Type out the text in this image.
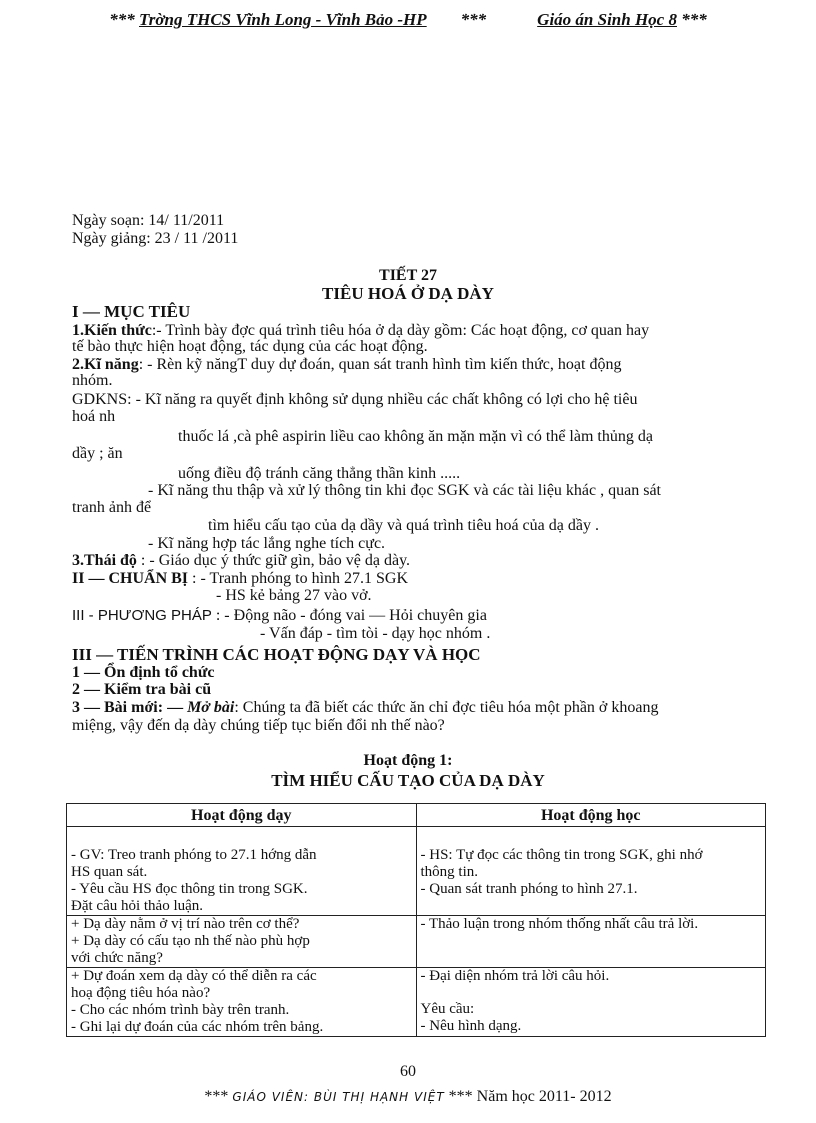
*** Trờng THCS Vĩnh Long - Vĩnh Bảo -HP ***	Giáo án Sinh Học 8 ***
Ngày soạn: 14/ 11/2011
Ngày giảng: 23 / 11 /2011
TIẾT 27
TIÊU HOÁ Ở DẠ DÀY
I — MỤC TIÊU
1.Kiến thức:- Trình bày đợc quá trình tiêu hóa ở dạ dày gồm: Các hoạt động, cơ quan hay
tế bào thực hiện hoạt động, tác dụng của các hoạt động.
2.Kĩ năng: - Rèn kỹ năngT duy dự đoán, quan sát tranh hình tìm kiến thức, hoạt động
nhóm.
GDKNS: - Kĩ năng ra quyết định không sử dụng nhiều các chất không có lợi cho hệ tiêu
hoá nh
thuốc lá ,cà phê aspirin liều cao không ăn mặn mặn vì có thể làm thủng dạ
dầy ; ăn
uống điều độ tránh căng thẳng thần kinh .....
- Kĩ năng thu thập và xử lý thông tin khi đọc SGK và các tài liệu khác , quan sát
tranh ảnh để
tìm hiểu cấu tạo của dạ dầy và quá trình tiêu hoá của dạ dầy .
- Kĩ năng hợp tác lắng nghe tích cực.
3.Thái độ : - Giáo dục ý thức giữ gìn, bảo vệ dạ dày.
II — CHUẨN BỊ : - Tranh phóng to hình 27.1 SGK
- HS kẻ bảng 27 vào vở.
III - PHƯƠNG PHÁP : - Động não - đóng vai — Hỏi chuyên gia
- Vấn đáp - tìm tòi - dạy học nhóm .
III — TIẾN TRÌNH CÁC HOẠT ĐỘNG DẠY VÀ HỌC
1 — Ổn định tổ chức
2 — Kiểm tra bài cũ
3 — Bài mới: — Mở bài: Chúng ta đã biết các thức ăn chỉ đợc tiêu hóa một phần ở khoang
miệng, vậy đến dạ dày chúng tiếp tục biến đổi nh thế nào?
Hoạt động 1:
TÌM HIỂU CẤU TẠO CỦA DẠ DÀY
Hoạt động dạy	Hoạt động học

- GV: Treo tranh phóng to 27.1 hớng dẫn
HS quan sát.
- Yêu cầu HS đọc thông tin trong SGK.
Đặt câu hỏi thảo luận.	- HS: Tự đọc các thông tin trong SGK, ghi nhớ
thông tin.
- Quan sát tranh phóng to hình 27.1.

+ Dạ dày nằm ở vị trí nào trên cơ thể?
+ Dạ dày có cấu tạo nh thế nào phù hợp
với chức năng?	- Thảo luận trong nhóm thống nhất câu trả lời.

+ Dự đoán xem dạ dày có thể diễn ra các
hoạ động tiêu hóa nào?
- Cho các nhóm trình bày trên tranh.
- Ghi lại dự đoán của các nhóm trên bảng.	- Đại diện nhóm trả lời câu hỏi.
Yêu cầu:
- Nêu hình dạng.
60
*** GIÁO VIÊN: BÙI THỊ HẠNH VIỆT *** Năm học 2011- 2012
